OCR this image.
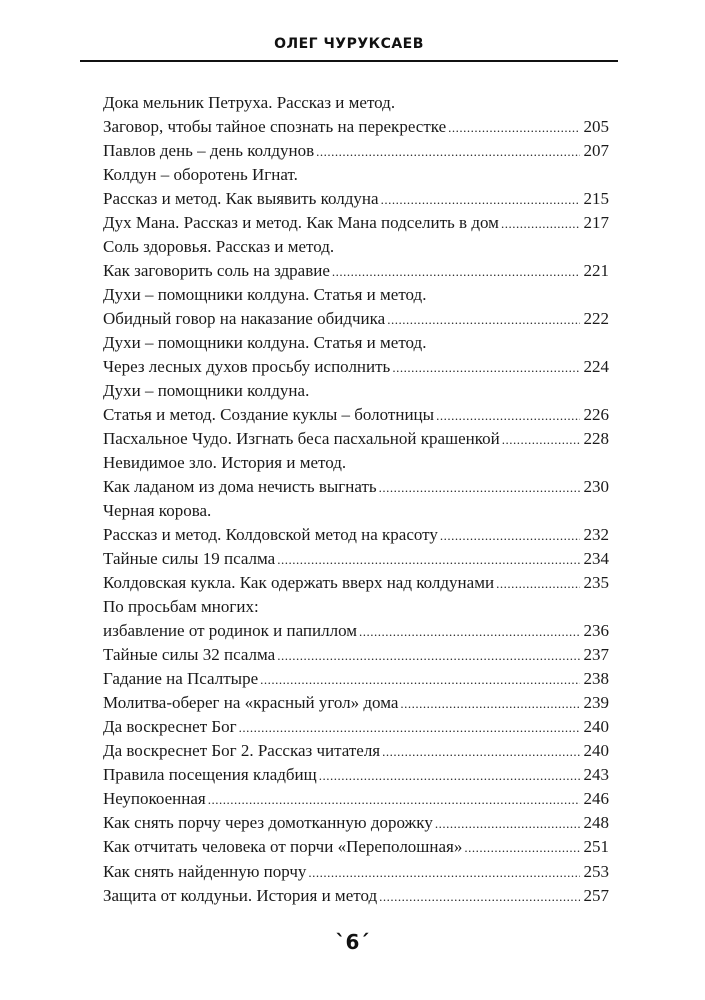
ОЛЕГ ЧУРУКСАЕВ
Дока мельник Петруха. Рассказ и метод.
Заговор, чтобы тайное спознать на перекрестке .....	205
Павлов день – день колдунов .....	207
Колдун – оборотень Игнат.
Рассказ и метод. Как выявить колдуна .....	215
Дух Мана. Рассказ и метод. Как Мана подселить в дом .....	217
Соль здоровья. Рассказ и метод.
Как заговорить соль на здравие .....	221
Духи – помощники колдуна. Статья и метод.
Обидный говор на наказание обидчика .....	222
Духи – помощники колдуна. Статья и метод.
Через лесных духов просьбу исполнить .....	224
Духи – помощники колдуна.
Статья и метод. Создание куклы – болотницы .....	226
Пасхальное Чудо. Изгнать беса пасхальной крашенкой .....	228
Невидимое зло. История и метод.
Как ладаном из дома нечисть выгнать .....	230
Черная корова.
Рассказ и метод. Колдовской метод на красоту .....	232
Тайные силы 19 псалма .....	234
Колдовская кукла. Как одержать вверх над колдунами .....	235
По просьбам многих:
избавление от родинок и папиллом .....	236
Тайные силы 32 псалма .....	237
Гадание на Псалтыре .....	238
Молитва-оберег на «красный угол» дома .....	239
Да воскреснет Бог .....	240
Да воскреснет Бог 2. Рассказ читателя .....	240
Правила посещения кладбищ .....	243
Неупокоенная .....	246
Как снять порчу через домотканную дорожку .....	248
Как отчитать человека от порчи «Переполошная» .....	251
Как снять найденную порчу .....	253
Защита от колдуньи. История и метод .....	257
`6´
